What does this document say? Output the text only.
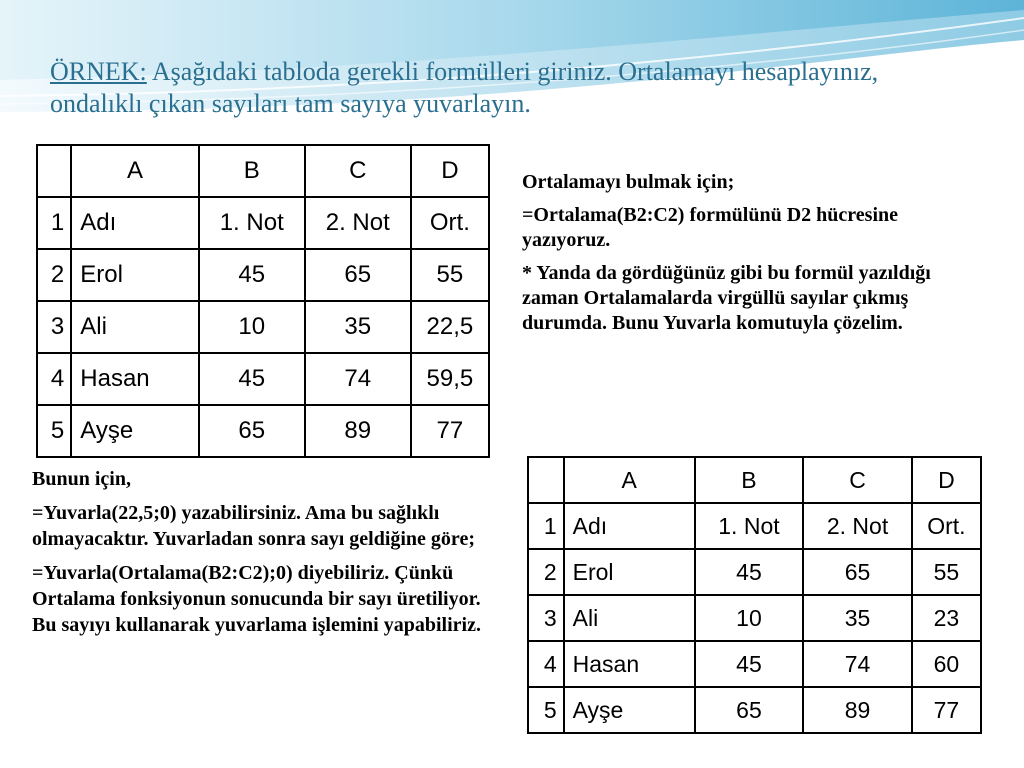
ÖRNEK: Aşağıdaki tabloda gerekli formülleri giriniz. Ortalamayı hesaplayınız, ondalıklı çıkan sayıları tam sayıya yuvarlayın.
	A	B	C	D
1	Adı	1. Not	2. Not	Ort.
2	Erol	45	65	55
3	Ali	10	35	22,5
4	Hasan	45	74	59,5
5	Ayşe	65	89	77

Ortalamayı bulmak için;

=Ortalama(B2:C2) formülünü D2 hücresine yazıyoruz.

* Yanda da gördüğünüz gibi bu formül yazıldığı zaman Ortalamalarda virgüllü sayılar çıkmış durumda. Bunu Yuvarla komutuyla çözelim.

Bunun için,

=Yuvarla(22,5;0) yazabilirsiniz. Ama bu sağlıklı olmayacaktır. Yuvarladan sonra sayı geldiğine göre;

=Yuvarla(Ortalama(B2:C2);0) diyebiliriz. Çünkü Ortalama fonksiyonun sonucunda bir sayı üretiliyor. Bu sayıyı kullanarak yuvarlama işlemini yapabiliriz.

	A	B	C	D
1	Adı	1. Not	2. Not	Ort.
2	Erol	45	65	55
3	Ali	10	35	23
4	Hasan	45	74	60
5	Ayşe	65	89	77
